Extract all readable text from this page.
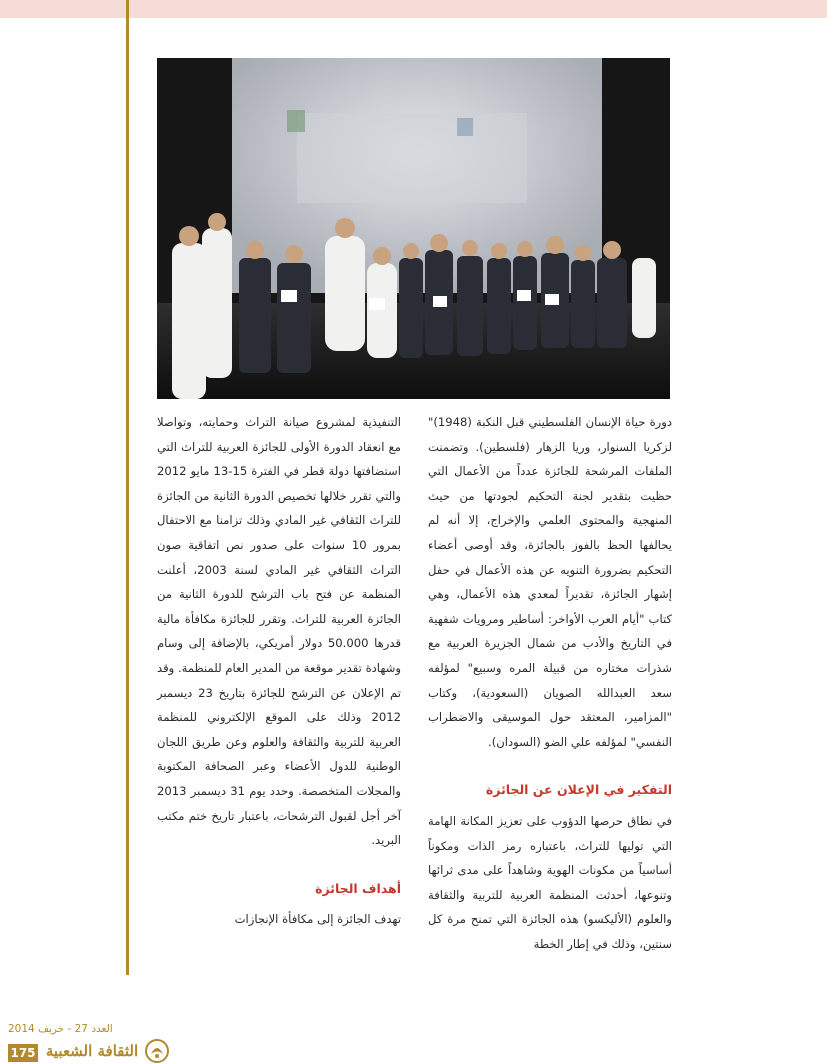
دورة حياة الإنسان الفلسطيني قبل النكبة (1948)" لزكريا السنوار، وريا الزهار (فلسطين). وتضمنت الملفات المرشحة للجائزة عدداً من الأعمال التي حظيت بتقدير لجنة التحكيم لجودتها من حيث المنهجية والمحتوى العلمي والإخراج، إلا أنه لم يحالفها الحظ بالفوز بالجائزة، وقد أوصى أعضاء التحكيم بضرورة التنويه عن هذه الأعمال في حفل إشهار الجائزة، تقديراً لمعدي هذه الأعمال، وهي كتاب "أيام العرب الأواخر: أساطير ومرويات شفهية في التاريخ والأدب من شمال الجزيرة العربية مع شذرات مختاره من قبيلة المره وسبيع" لمؤلفه سعد العبدالله الصويان (السعودية)، وكتاب "المزامير، المعتقد حول الموسيقى والاضطراب النفسي" لمؤلفه علي الضو (السودان).

التفكير في الإعلان عن الجائزة

في نطاق حرصها الدؤوب على تعزيز المكانة الهامة التي توليها للتراث، باعتباره رمز الذات ومكوناً أساسياً من مكونات الهوية وشاهداً على مدى ثرائها وتنوعها، أحدثت المنظمة العربية للتربية والثقافة والعلوم (الأليكسو) هذه الجائزة التي تمنح مرة كل سنتين، وذلك في إطار الخطة

التنفيذية لمشروع صيانة التراث وحمايته، وتواصلا مع انعقاد الدورة الأولى للجائزة العربية للتراث التي استضافتها دولة قطر في الفترة 15-13 مايو 2012 والتي تقرر خلالها تخصيص الدورة الثانية من الجائزة للتراث الثقافي غير المادي وذلك تزامنا مع الاحتفال بمرور 10 سنوات على صدور نص اتفاقية صون التراث الثقافي غير المادي لسنة 2003، أعلنت المنظمة عن فتح باب الترشح للدورة الثانية من الجائزة العربية للتراث. وتقرر للجائزة مكافأة مالية قدرها 50.000 دولار أمريكي، بالإضافة إلى وسام وشهادة تقدير موقعة من المدير العام للمنظمة. وقد تم الإعلان عن الترشح للجائزة بتاريخ 23 ديسمبر 2012 وذلك على الموقع الإلكتروني للمنظمة العربية للتربية والثقافة والعلوم وعن طريق اللجان الوطنية للدول الأعضاء وعبر الصحافة المكتوبة والمجلات المتخصصة. وحدد يوم 31 ديسمبر 2013 آخر أجل لقبول الترشحات، باعتبار تاريخ ختم مكتب البريد.

أهداف الجائزة

تهدف الجائزة إلى مكافأة الإنجازات

العدد 27 - خريف 2014
175 الثقافة الشعبية
